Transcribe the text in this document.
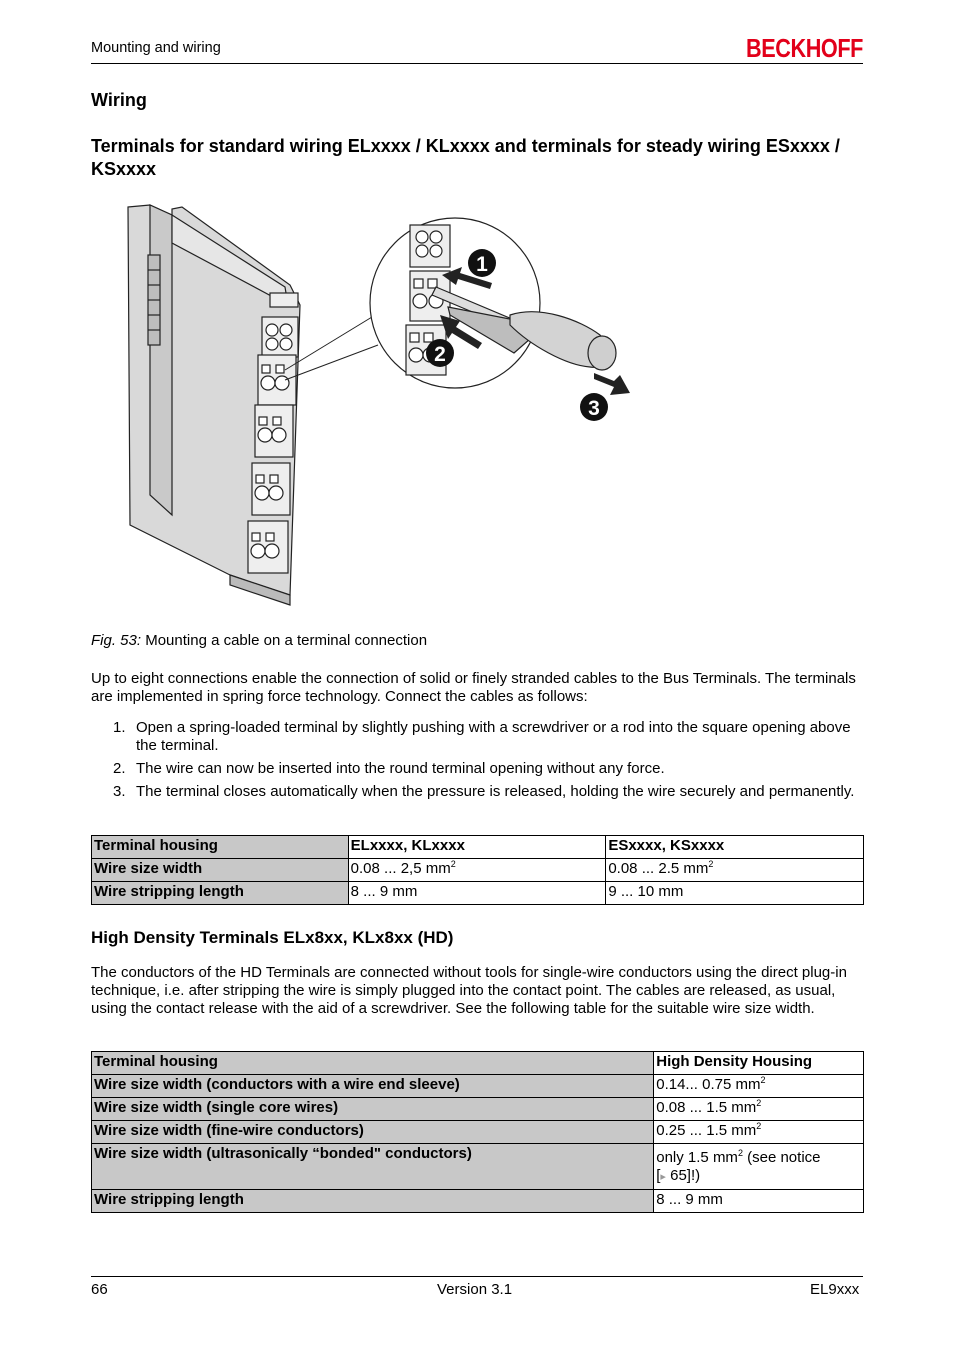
Mounting and wiring	BECKHOFF
Wiring
Terminals for standard wiring ELxxxx / KLxxxx and terminals for steady wiring ESxxxx / KSxxxx
1
2
3
Fig. 53: Mounting a cable on a terminal connection

Up to eight connections enable the connection of solid or finely stranded cables to the Bus Terminals. The terminals are implemented in spring force technology. Connect the cables as follows:

1. Open a spring-loaded terminal by slightly pushing with a screwdriver or a rod into the square opening above the terminal.
2. The wire can now be inserted into the round terminal opening without any force.
3. The terminal closes automatically when the pressure is released, holding the wire securely and permanently.
Terminal housing	ELxxxx, KLxxxx	ESxxxx, KSxxxx
Wire size width	0.08 ... 2,5 $mm^2$	0.08 ... 2.5 $mm^2$
Wire stripping length	8 ... 9 mm	9 ... 10 mm
High Density Terminals ELx8xx, KLx8xx (HD)

The conductors of the HD Terminals are connected without tools for single-wire conductors using the direct plug-in technique, i.e. after stripping the wire is simply plugged into the contact point. The cables are released, as usual, using the contact release with the aid of a screwdriver. See the following table for the suitable wire size width.

Terminal housing	High Density Housing
Wire size width (conductors with a wire end sleeve)	0.14... 0.75 $mm^2$
Wire size width (single core wires)	0.08 ... 1.5 $mm^2$
Wire size width (fine-wire conductors)	0.25 ... 1.5 $mm^2$
Wire size width (ultrasonically “bonded" conductors)	only 1.5 $mm^2$ (see notice
[▸ 65]!)
Wire stripping length	8 ... 9 mm
66	Version 3.1	EL9xxx
